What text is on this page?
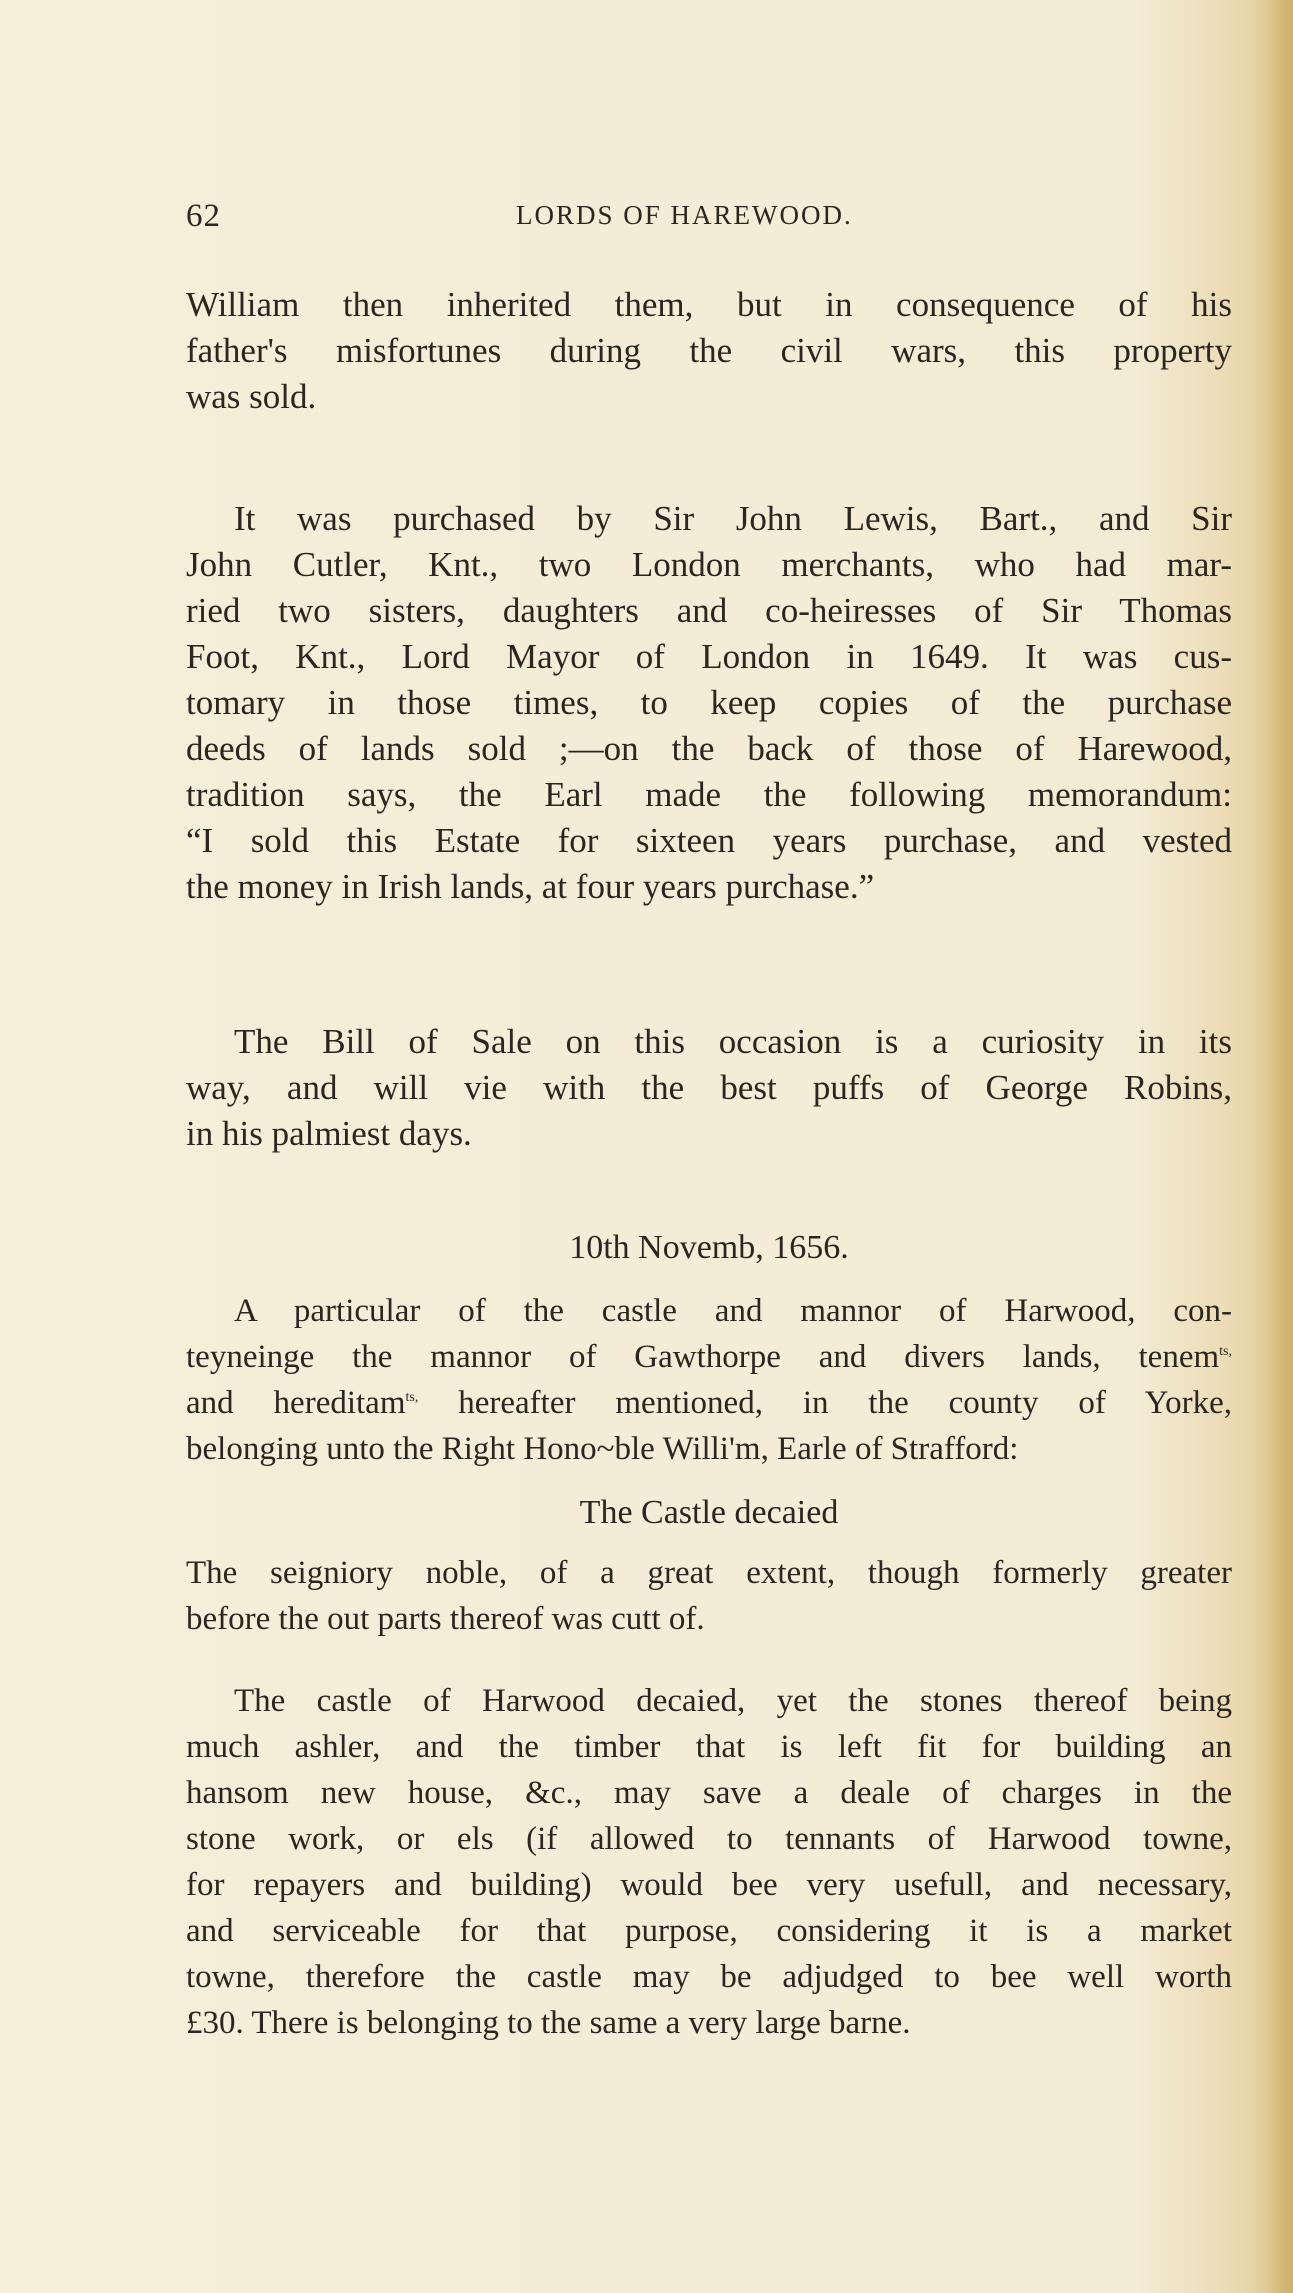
62	LORDS OF HAREWOOD.
William then inherited them, but in consequence of his
father's misfortunes during the civil wars, this property
was sold.
It was purchased by Sir John Lewis, Bart., and Sir
John Cutler, Knt., two London merchants, who had mar-
ried two sisters, daughters and co-heiresses of Sir Thomas
Foot, Knt., Lord Mayor of London in 1649. It was cus-
tomary in those times, to keep copies of the purchase
deeds of lands sold ;—on the back of those of Harewood,
tradition says, the Earl made the following memorandum:
“I sold this Estate for sixteen years purchase, and vested
the money in Irish lands, at four years purchase.”
The Bill of Sale on this occasion is a curiosity in its
way, and will vie with the best puffs of George Robins,
in his palmiest days.
10th Novemb, 1656.
A particular of the castle and mannor of Harwood, con-
teyneinge the mannor of Gawthorpe and divers lands, tenem$^{ts,}$
and hereditam$^{ts,}$ hereafter mentioned, in the county of Yorke,
belonging unto the Right Hono~ble Willi'm, Earle of Strafford:
The Castle decaied
The seigniory noble, of a great extent, though formerly greater
before the out parts thereof was cutt of.
The castle of Harwood decaied, yet the stones thereof being
much ashler, and the timber that is left fit for building an
hansom new house, &c., may save a deale of charges in the
stone work, or els (if allowed to tennants of Harwood towne,
for repayers and building) would bee very usefull, and necessary,
and serviceable for that purpose, considering it is a market
towne, therefore the castle may be adjudged to bee well worth
£30. There is belonging to the same a very large barne.
